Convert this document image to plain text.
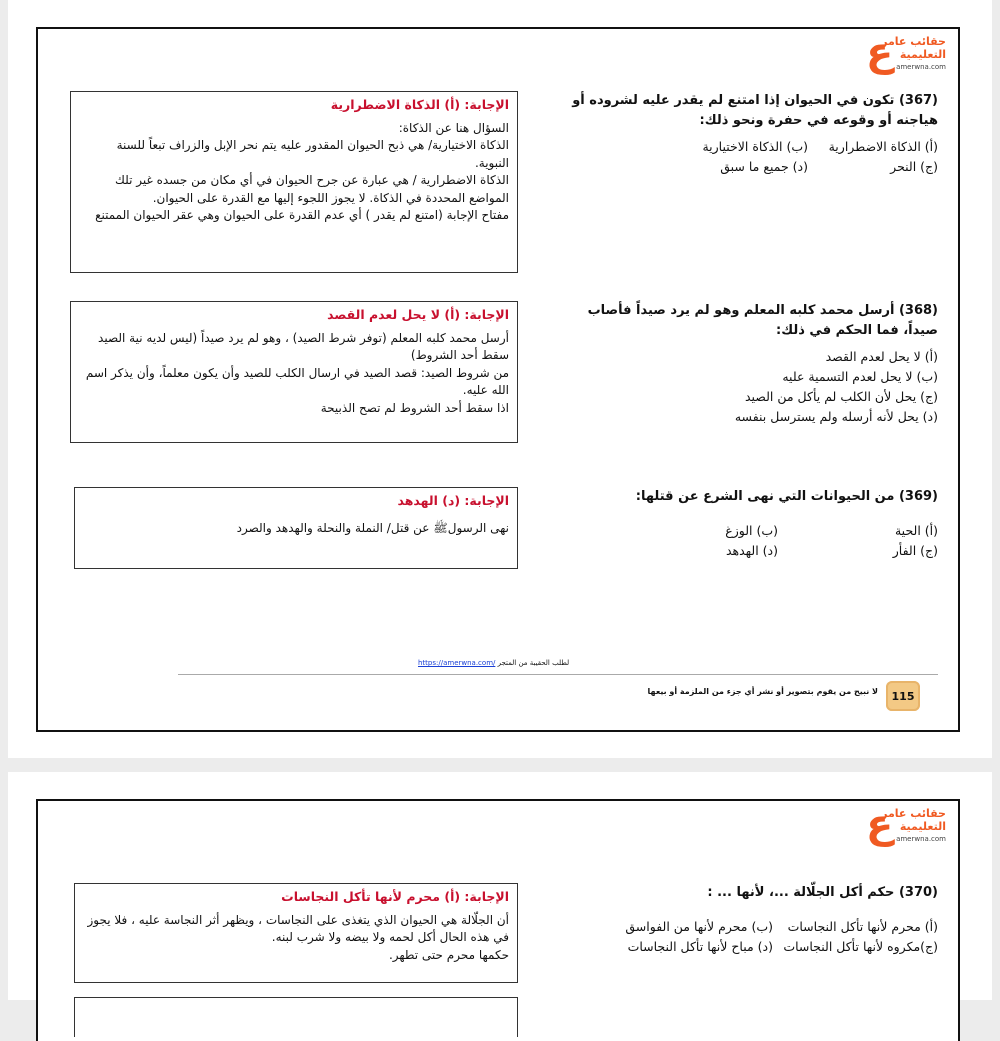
ع
حقائب عامر
التعليمية
amerwna.com
(367) تكون في الحيوان إذا امتنع لم يقدر عليه لشروده أو هياجنه أو وقوعه في حفرة ونحو ذلك:
(أ) الذكاة الاضطرارية
(ب) الذكاة الاختيارية
(ج) النحر
(د) جميع ما سبق
الإجابة: (أ) الذكاة الاضطرارية

السؤال هنا عن الذكاة:

الذكاة الاختيارية/ هي ذبح الحيوان المقدور عليه يتم نحر الإبل والزراف تبعاً للسنة النبوية.

الذكاة الاضطرارية / هي عبارة عن جرح الحيوان في أي مكان من جسده غير تلك المواضع المحددة في الذكاة. لا يجوز اللجوء إليها مع القدرة على الحيوان.

مفتاح الإجابة (امتنع لم يقدر ) أي عدم القدرة على الحيوان وهي عقر الحيوان الممتنع

(368) أرسل محمد كلبه المعلم وهو لم يرد صيداً فأصاب صيداً، فما الحكم في ذلك:
(أ) لا يحل لعدم القصد
(ب) لا يحل لعدم التسمية عليه
(ج) يحل لأن الكلب لم يأكل من الصيد
(د) يحل لأنه أرسله ولم يسترسل بنفسه
الإجابة: (أ) لا يحل لعدم القصد

أرسل محمد كلبه المعلم (توفر شرط الصيد) ، وهو لم يرد صيداً (ليس لديه نية الصيد سقط أحد الشروط)

من شروط الصيد: قصد الصيد في ارسال الكلب للصيد وأن يكون معلماً، وأن يذكر اسم الله عليه.

اذا سقط أحد الشروط لم تصح الذبيحة

(369) من الحيوانات التي نهى الشرع عن قتلها:
(أ) الحية
(ب) الوزغ
(ج) الفأر
(د) الهدهد
الإجابة: (د) الهدهد

نهى الرسولﷺ عن قتل/ النملة والنحلة والهدهد والصرد

https://amerwna.com/ لطلب الحقيبة من المتجر
لا نبيح من يقوم بتصوير أو نشر أي جزء من الملزمة أو بيعها	115
ع
حقائب عامر
التعليمية
amerwna.com
(370) حكم أكل الجلّالة ...، لأنها ... :
(أ) محرم لأنها تأكل النجاسات
(ب) محرم لأنها من الفواسق
(ج)مكروه لأنها تأكل النجاسات
(د) مباح لأنها تأكل النجاسات
الإجابة: (أ) محرم لأنها تأكل النجاسات

أن الجلّالة هي الحيوان الذي يتغذى على النجاسات ، ويظهر أثر النجاسة عليه ، فلا يجوز في هذه الحال أكل لحمه ولا بيضه ولا شرب لبنه.

حكمها محرم حتى تطهر.
